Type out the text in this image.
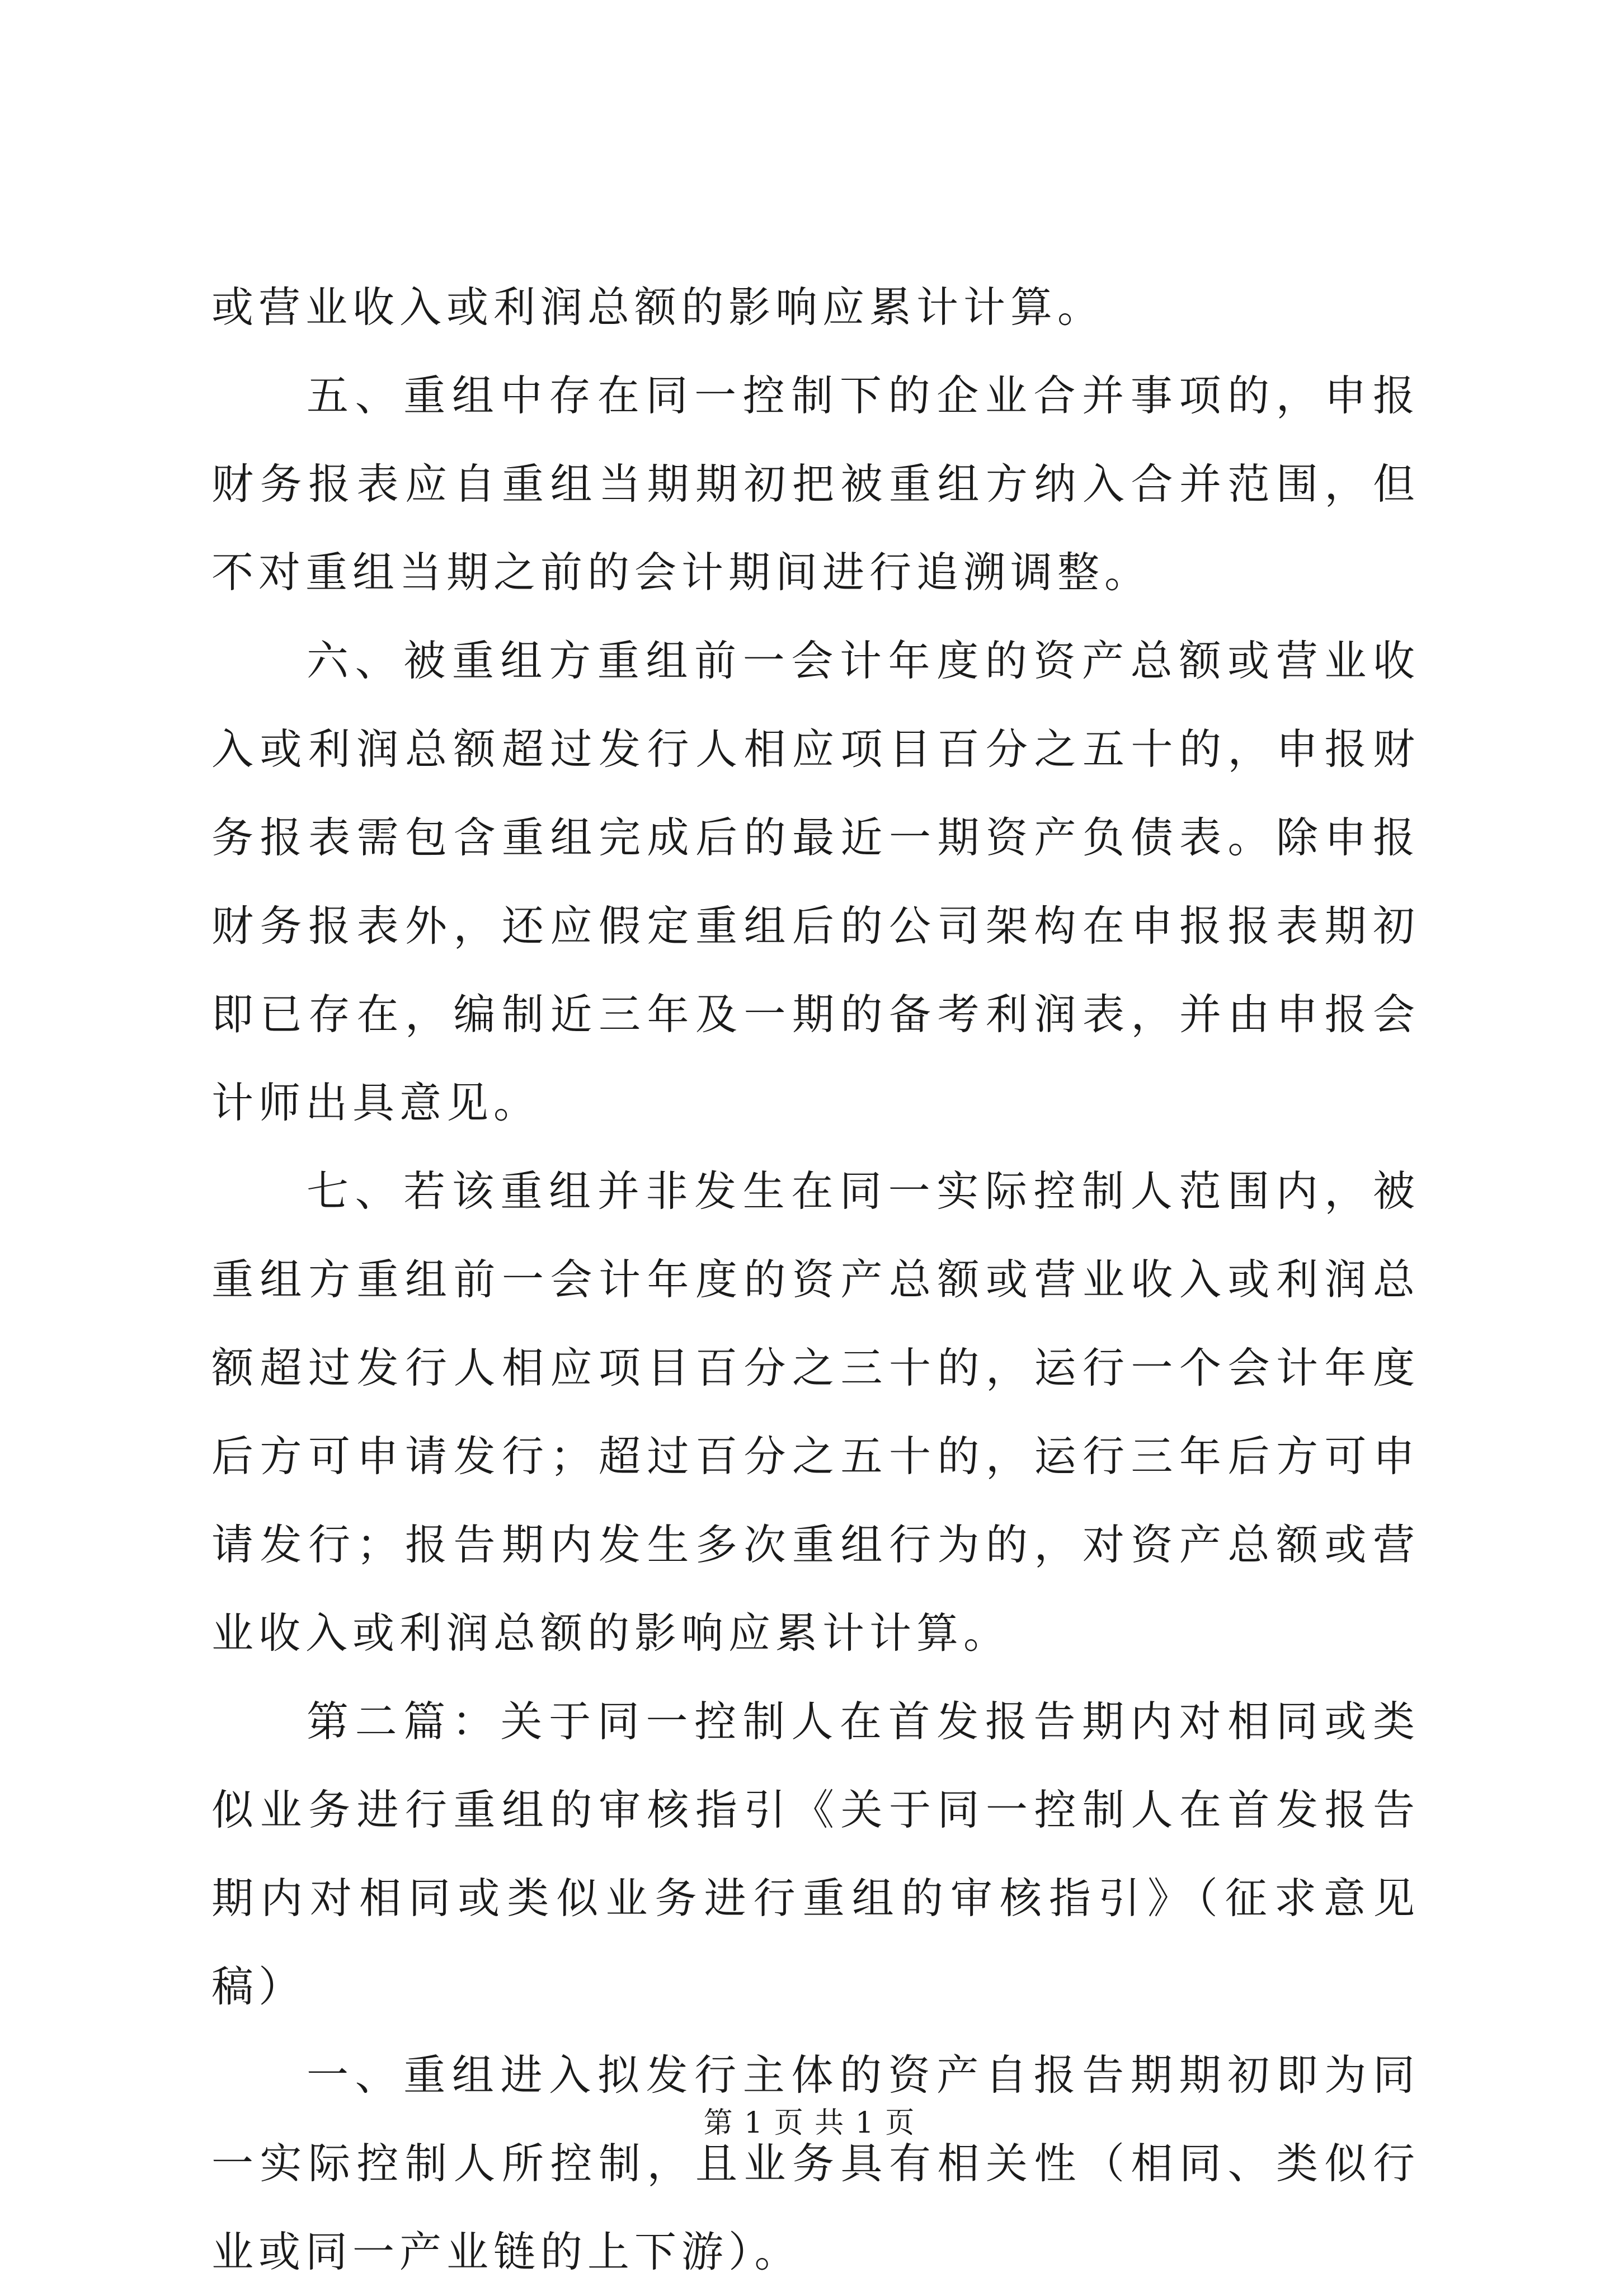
或营业收入或利润总额的影响应累计计算。

五、重组中存在同一控制下的企业合并事项的，申报财务报表应自重组当期期初把被重组方纳入合并范围，但不对重组当期之前的会计期间进行追溯调整。

六、被重组方重组前一会计年度的资产总额或营业收入或利润总额超过发行人相应项目百分之五十的，申报财务报表需包含重组完成后的最近一期资产负债表。除申报财务报表外，还应假定重组后的公司架构在申报报表期初即已存在，编制近三年及一期的备考利润表，并由申报会计师出具意见。

七、若该重组并非发生在同一实际控制人范围内，被重组方重组前一会计年度的资产总额或营业收入或利润总额超过发行人相应项目百分之三十的，运行一个会计年度后方可申请发行；超过百分之五十的，运行三年后方可申请发行；报告期内发生多次重组行为的，对资产总额或营业收入或利润总额的影响应累计计算。

第二篇：关于同一控制人在首发报告期内对相同或类似业务进行重组的审核指引《关于同一控制人在首发报告期内对相同或类似业务进行重组的审核指引》（征求意见稿）

一、重组进入拟发行主体的资产自报告期期初即为同一实际控制人所控制，且业务具有相关性（相同、类似行业或同一产业链的上下游）。

第 1 页 共 1 页
